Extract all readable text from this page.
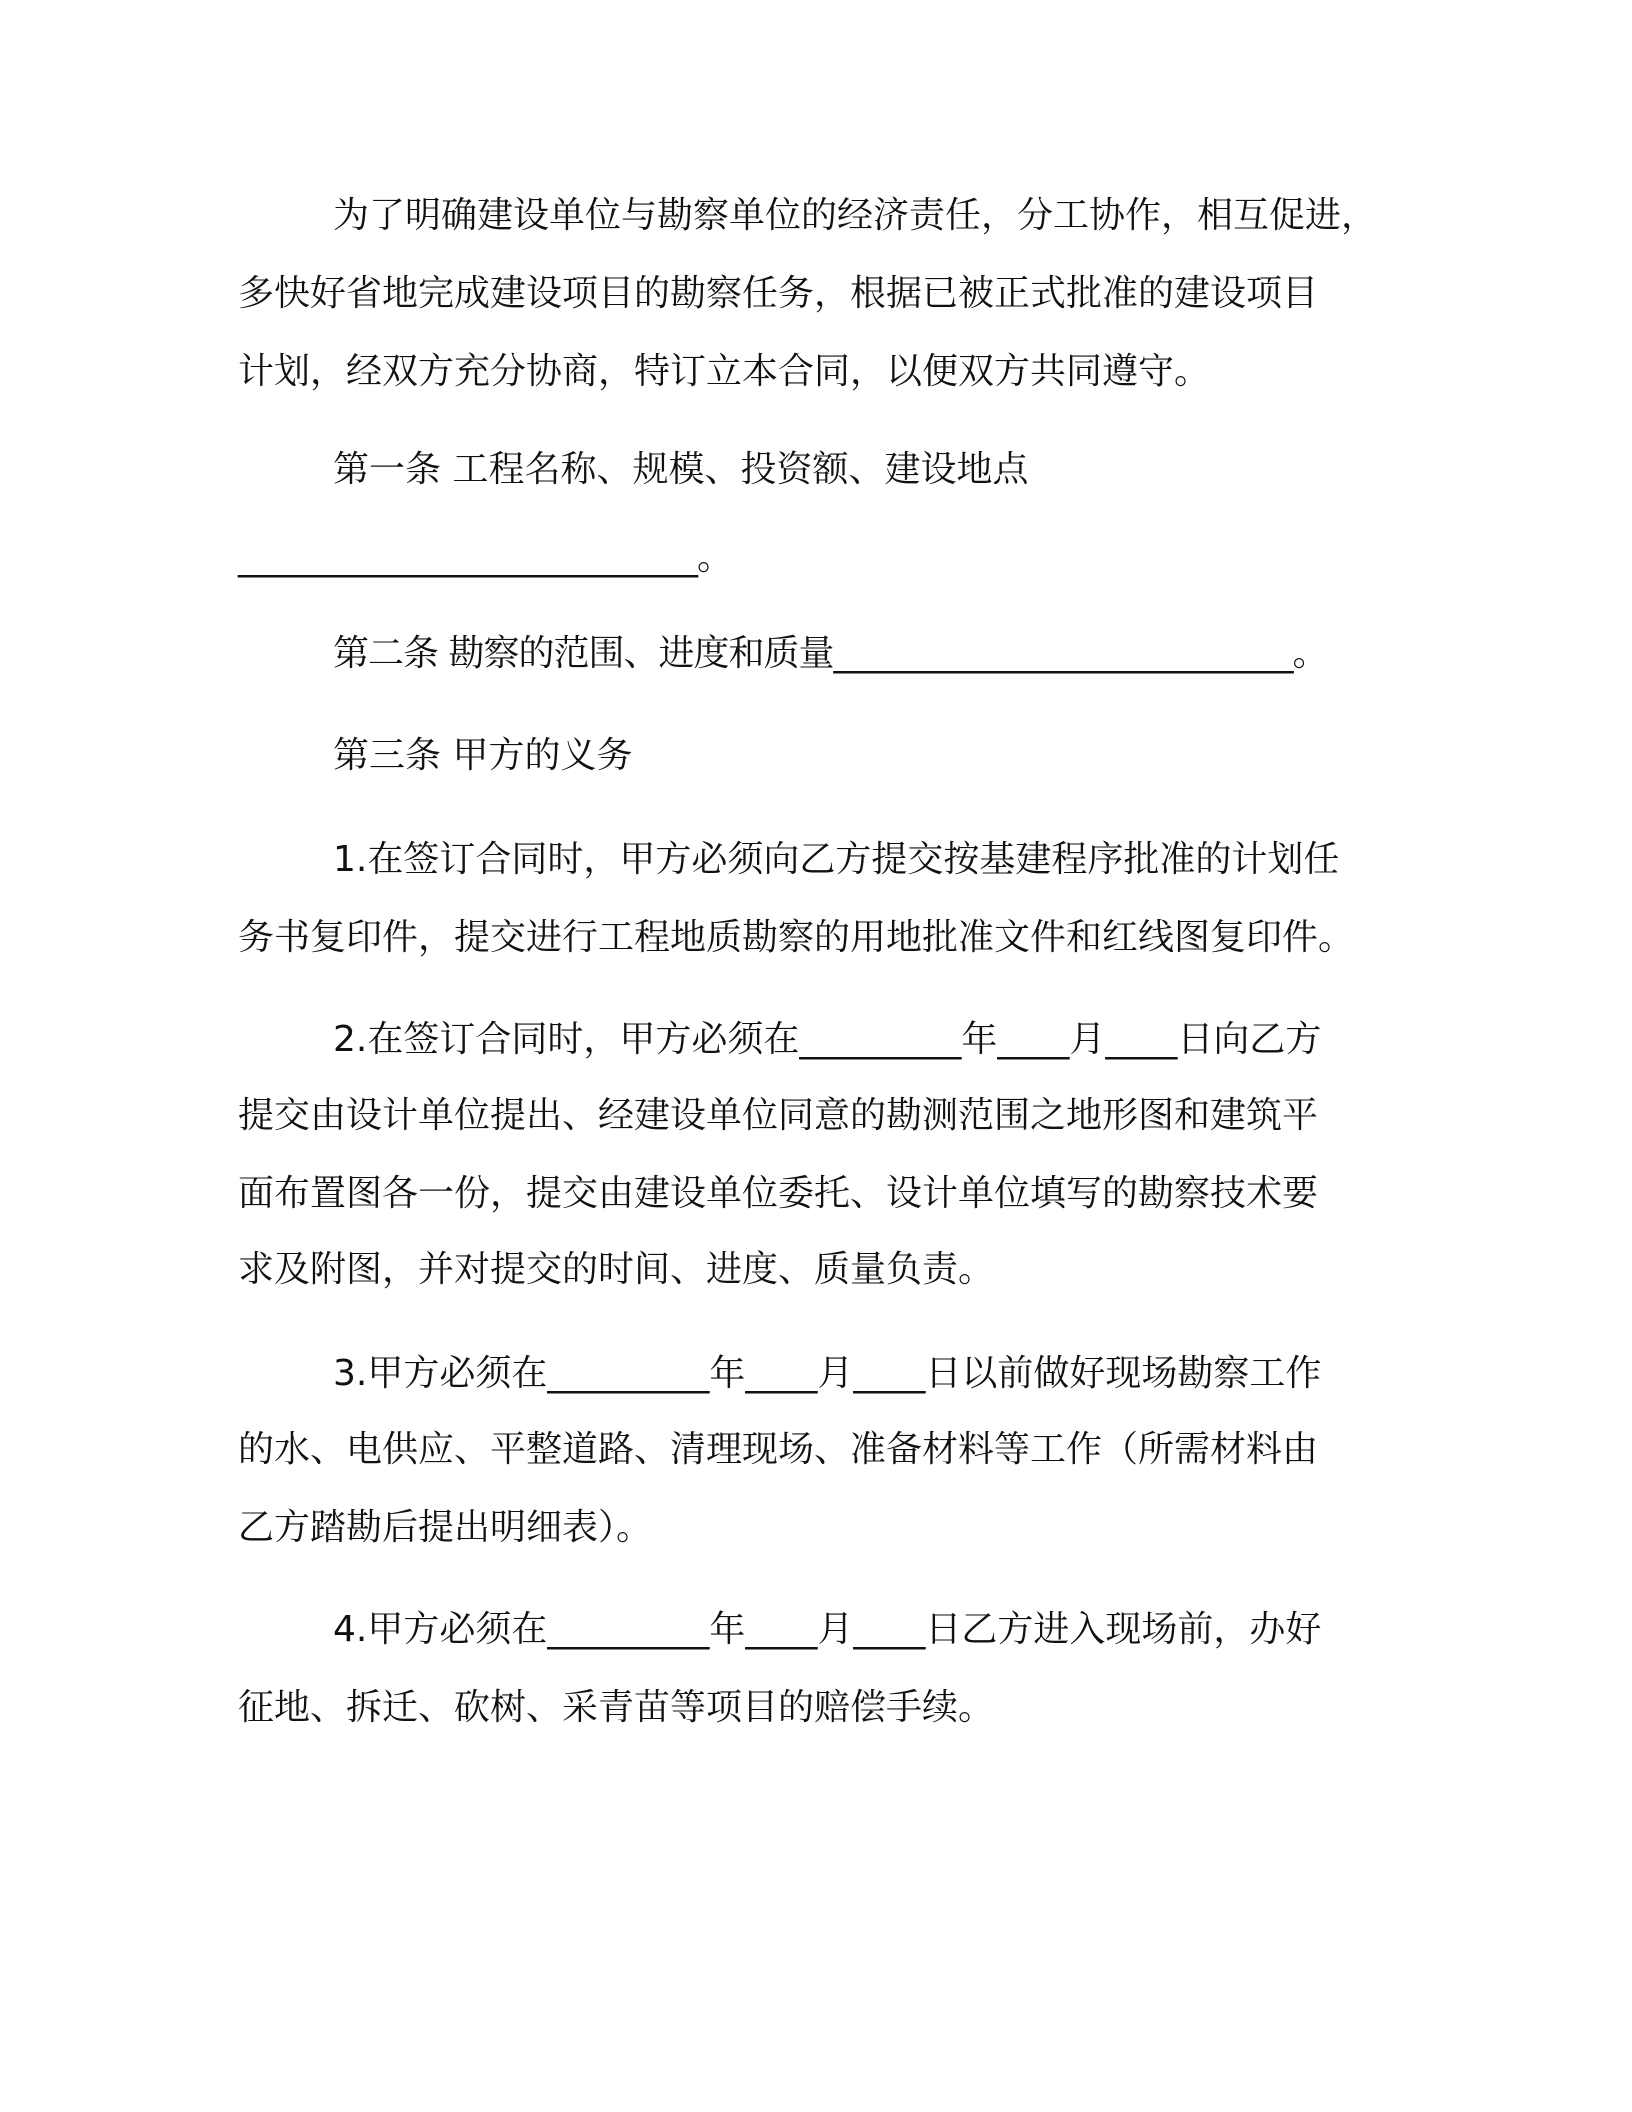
为了明确建设单位与勘察单位的经济责任，分工协作，相互促进，
多快好省地完成建设项目的勘察任务，根据已被正式批准的建设项目
计划，经双方充分协商，特订立本合同，以便双方共同遵守。
第一条 工程名称、规模、投资额、建设地点
___________________________。
第二条 勘察的范围、进度和质量___________________________。
第三条 甲方的义务
1.在签订合同时，甲方必须向乙方提交按基建程序批准的计划任
务书复印件，提交进行工程地质勘察的用地批准文件和红线图复印件。
2.在签订合同时，甲方必须在_________年____月____日向乙方
提交由设计单位提出、经建设单位同意的勘测范围之地形图和建筑平
面布置图各一份，提交由建设单位委托、设计单位填写的勘察技术要
求及附图，并对提交的时间、进度、质量负责。
3.甲方必须在_________年____月____日以前做好现场勘察工作
的水、电供应、平整道路、清理现场、准备材料等工作（所需材料由
乙方踏勘后提出明细表）。
4.甲方必须在_________年____月____日乙方进入现场前，办好
征地、拆迁、砍树、采青苗等项目的赔偿手续。
